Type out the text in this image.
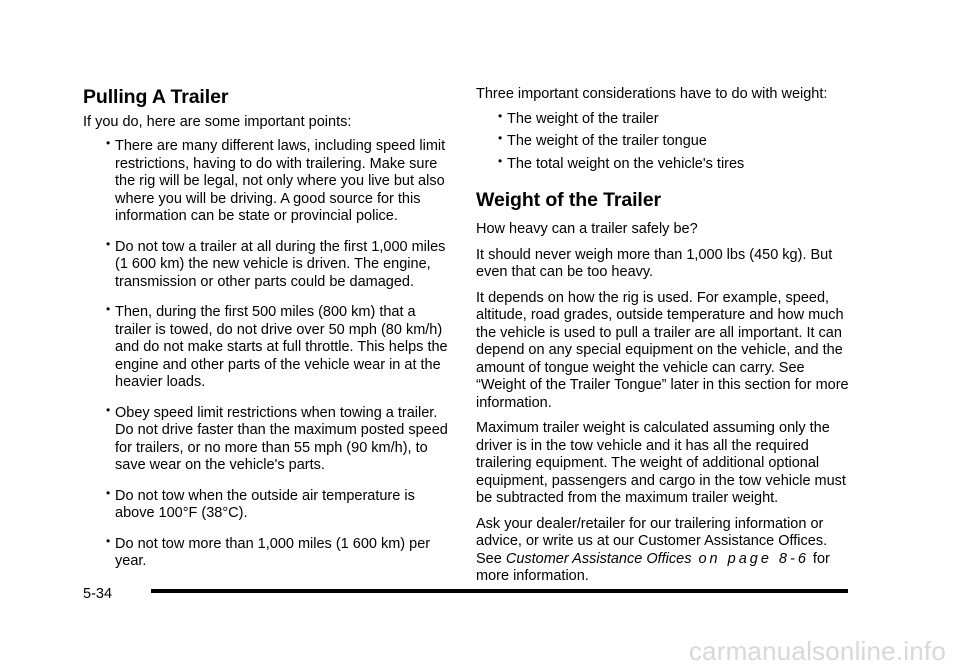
Pulling A Trailer

If you do, here are some important points:

• There are many different laws, including speed limit restrictions, having to do with trailering. Make sure the rig will be legal, not only where you live but also where you will be driving. A good source for this information can be state or provincial police.
• Do not tow a trailer at all during the first 1,000 miles (1 600 km) the new vehicle is driven. The engine, transmission or other parts could be damaged.
• Then, during the first 500 miles (800 km) that a trailer is towed, do not drive over 50 mph (80 km/h) and do not make starts at full throttle. This helps the engine and other parts of the vehicle wear in at the heavier loads.
• Obey speed limit restrictions when towing a trailer. Do not drive faster than the maximum posted speed for trailers, or no more than 55 mph (90 km/h), to save wear on the vehicle's parts.
• Do not tow when the outside air temperature is above 100°F (38°C).
• Do not tow more than 1,000 miles (1 600 km) per year.

Three important considerations have to do with weight:

• The weight of the trailer
• The weight of the trailer tongue
• The total weight on the vehicle's tires
Weight of the Trailer

How heavy can a trailer safely be?

It should never weigh more than 1,000 lbs (450 kg). But even that can be too heavy.

It depends on how the rig is used. For example, speed, altitude, road grades, outside temperature and how much the vehicle is used to pull a trailer are all important. It can depend on any special equipment on the vehicle, and the amount of tongue weight the vehicle can carry. See “Weight of the Trailer Tongue” later in this section for more information.

Maximum trailer weight is calculated assuming only the driver is in the tow vehicle and it has all the required trailering equipment. The weight of additional optional equipment, passengers and cargo in the tow vehicle must be subtracted from the maximum trailer weight.

Ask your dealer/retailer for our trailering information or advice, or write us at our Customer Assistance Offices. See Customer Assistance Offices on page 8-6 for more information.

5-34
carmanualsonline.info
